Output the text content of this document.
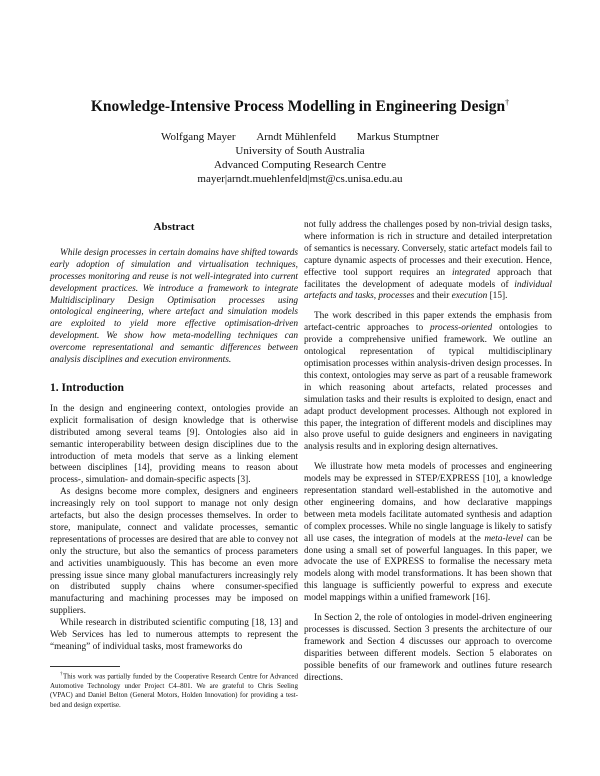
Knowledge-Intensive Process Modelling in Engineering Design†
Wolfgang Mayer Arndt Mühlenfeld Markus Stumptner
University of South Australia
Advanced Computing Research Centre
mayer|arndt.muehlenfeld|mst@cs.unisa.edu.au
Abstract

While design processes in certain domains have shifted towards early adoption of simulation and virtualisation techniques, processes monitoring and reuse is not well-integrated into current development practices. We introduce a framework to integrate Multidisciplinary Design Optimisation processes using ontological engineering, where artefact and simulation models are exploited to yield more effective optimisation-driven development. We show how meta-modelling techniques can overcome representational and semantic differences between analysis disciplines and execution environments.

1. Introduction

In the design and engineering context, ontologies provide an explicit formalisation of design knowledge that is otherwise distributed among several teams [9]. Ontologies also aid in semantic interoperability between design disciplines due to the introduction of meta models that serve as a linking element between disciplines [14], providing means to reason about process-, simulation- and domain-specific aspects [3].

As designs become more complex, designers and engineers increasingly rely on tool support to manage not only design artefacts, but also the design processes themselves. In order to store, manipulate, connect and validate processes, semantic representations of processes are desired that are able to convey not only the structure, but also the semantics of process parameters and activities unambiguously. This has become an even more pressing issue since many global manufacturers increasingly rely on distributed supply chains where consumer-specified manufacturing and machining processes may be imposed on suppliers.

While research in distributed scientific computing [18, 13] and Web Services has led to numerous attempts to represent the “meaning” of individual tasks, most frameworks do

not fully address the challenges posed by non-trivial design tasks, where information is rich in structure and detailed interpretation of semantics is necessary. Conversely, static artefact models fail to capture dynamic aspects of processes and their execution. Hence, effective tool support requires an integrated approach that facilitates the development of adequate models of individual artefacts and tasks, processes and their execution [15].

The work described in this paper extends the emphasis from artefact-centric approaches to process-oriented ontologies to provide a comprehensive unified framework. We outline an ontological representation of typical multidisciplinary optimisation processes within analysis-driven design processes. In this context, ontologies may serve as part of a reusable framework in which reasoning about artefacts, related processes and simulation tasks and their results is exploited to design, enact and adapt product development processes. Although not explored in this paper, the integration of different models and disciplines may also prove useful to guide designers and engineers in navigating analysis results and in exploring design alternatives.

We illustrate how meta models of processes and engineering models may be expressed in STEP/EXPRESS [10], a knowledge representation standard well-established in the automotive and other engineering domains, and how declarative mappings between meta models facilitate automated synthesis and adaption of complex processes. While no single language is likely to satisfy all use cases, the integration of models at the meta-level can be done using a small set of powerful languages. In this paper, we advocate the use of EXPRESS to formalise the necessary meta models along with model transformations. It has been shown that this language is sufficiently powerful to express and execute model mappings within a unified framework [16].

In Section 2, the role of ontologies in model-driven engineering processes is discussed. Section 3 presents the architecture of our framework and Section 4 discusses our approach to overcome disparities between different models. Section 5 elaborates on possible benefits of our framework and outlines future research directions.

†This work was partially funded by the Cooperative Research Centre for Advanced Automotive Technology under Project C4–801. We are grateful to Chris Seeling (VPAC) and Daniel Belton (General Motors, Holden Innovation) for providing a test-bed and design expertise.
